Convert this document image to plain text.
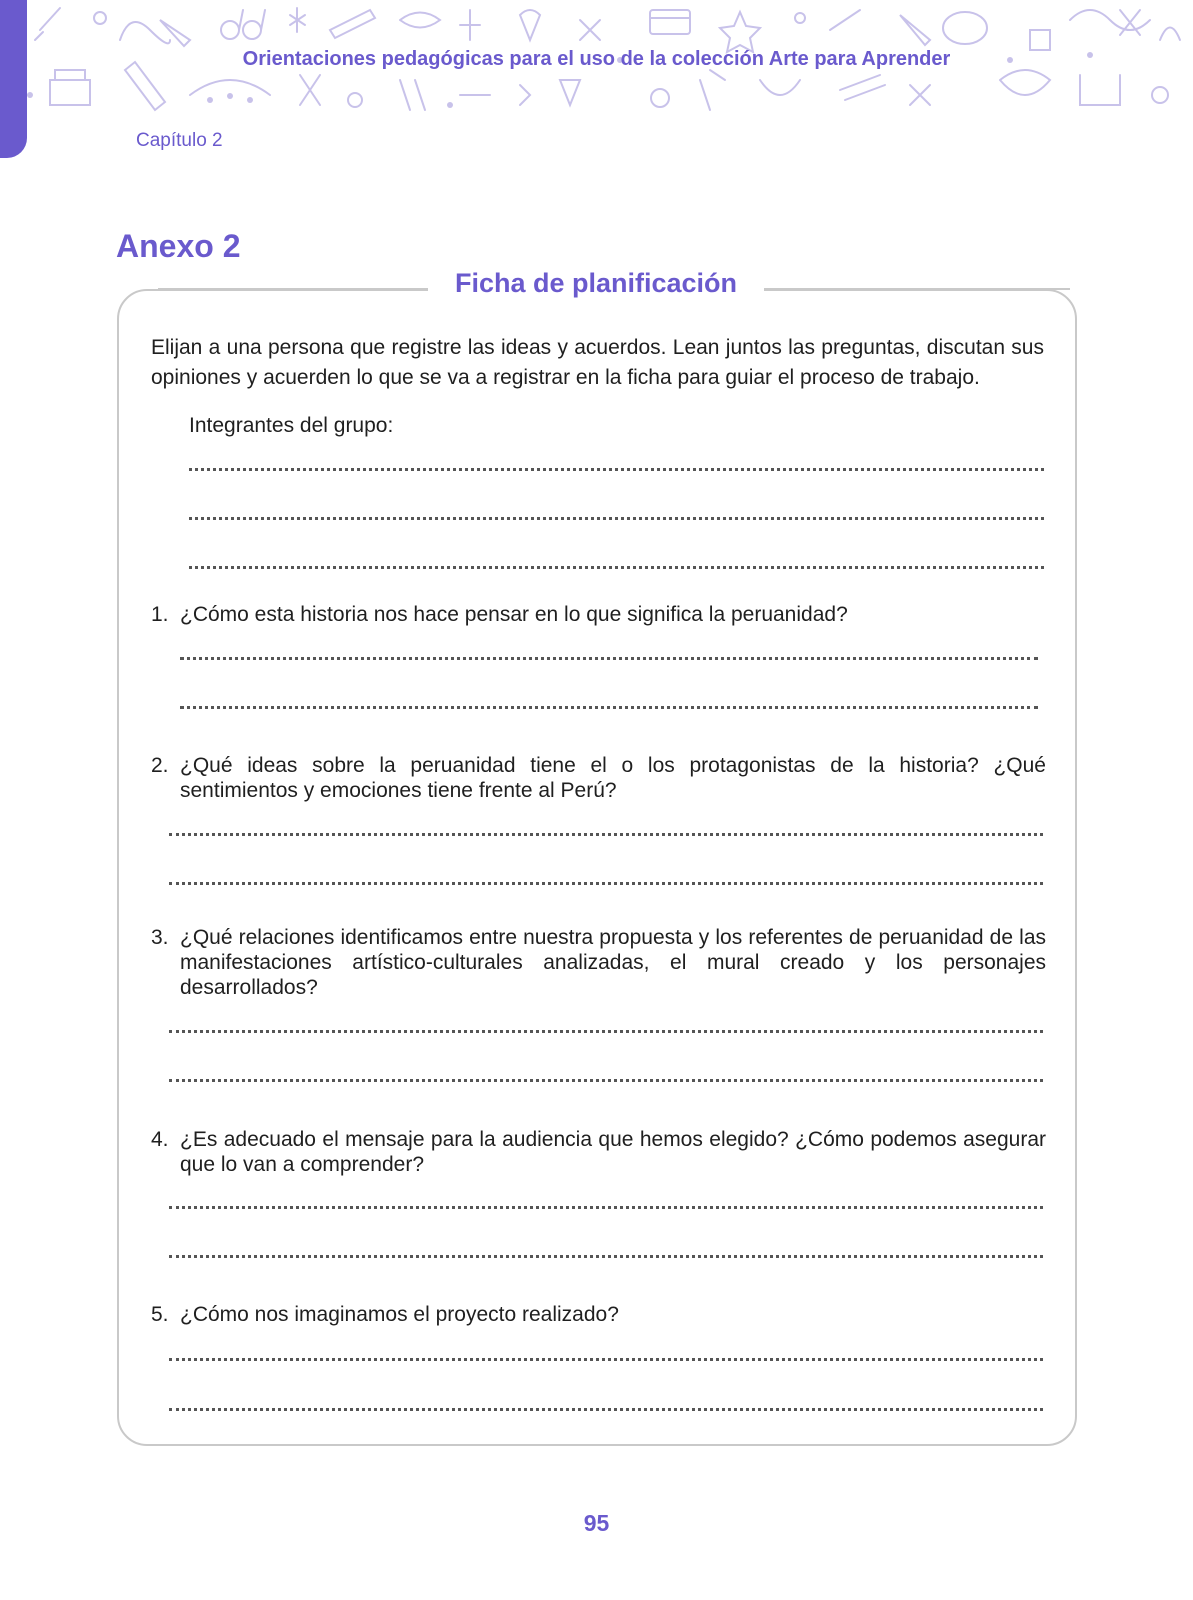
Orientaciones pedagógicas para el uso de la colección Arte para Aprender
Capítulo 2
Anexo 2
Ficha de planificación
Elijan a una persona que registre las ideas y acuerdos. Lean juntos las preguntas, discutan sus opiniones y acuerden lo que se va a registrar en la ficha para guiar el proceso de trabajo.
Integrantes del grupo:
1. ¿Cómo esta historia nos hace pensar en lo que significa la peruanidad?
2. ¿Qué ideas sobre la peruanidad tiene el o los protagonistas de la historia? ¿Qué sentimientos y emociones tiene frente al Perú?
3. ¿Qué relaciones identificamos entre nuestra propuesta y los referentes de peruanidad de las manifestaciones artístico-culturales analizadas, el mural creado y los personajes desarrollados?
4. ¿Es adecuado el mensaje para la audiencia que hemos elegido? ¿Cómo podemos asegurar que lo van a comprender?
5. ¿Cómo nos imaginamos el proyecto realizado?
95
